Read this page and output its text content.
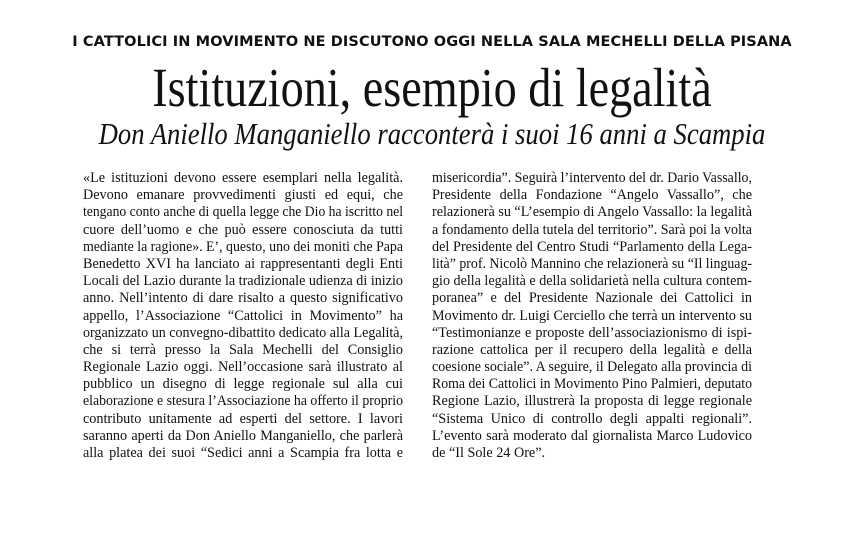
I CATTOLICI IN MOVIMENTO NE DISCUTONO OGGI NELLA SALA MECHELLI DELLA PISANA
Istituzioni, esempio di legalità
Don Aniello Manganiello racconterà i suoi 16 anni a Scampia
«Le istituzioni devono essere esemplari nella legalità.
Devono emanare provvedimenti giusti ed equi, che
tengano conto anche di quella legge che Dio ha iscritto nel
cuore dell’uomo e che può essere conosciuta da tutti
mediante la ragione». E’, questo, uno dei moniti che Papa
Benedetto XVI ha lanciato ai rappresentanti degli Enti
Locali del Lazio durante la tradizionale udienza di inizio
anno. Nell’intento di dare risalto a questo significativo
appello, l’Associazione “Cattolici in Movimento” ha
organizzato un convegno-dibattito dedicato alla Legalità,
che si terrà presso la Sala Mechelli del Consiglio
Regionale Lazio oggi. Nell’occasione sarà illustrato al
pubblico un disegno di legge regionale sul alla cui
elaborazione e stesura l’Associazione ha offerto il proprio
contributo unitamente ad esperti del settore. I lavori
saranno aperti da Don Aniello Manganiello, che parlerà
alla platea dei suoi “Sedici anni a Scampia fra lotta e
misericordia”. Seguirà l’intervento del dr. Dario Vassallo,
Presidente della Fondazione “Angelo Vassallo”, che
relazionerà su “L’esempio di Angelo Vassallo: la legalità
a fondamento della tutela del territorio”. Sarà poi la volta
del Presidente del Centro Studi “Parlamento della Lega-
lità” prof. Nicolò Mannino che relazionerà su “Il linguag-
gio della legalità e della solidarietà nella cultura contem-
poranea” e del Presidente Nazionale dei Cattolici in
Movimento dr. Luigi Cerciello che terrà un intervento su
“Testimonianze e proposte dell’associazionismo di ispi-
razione cattolica per il recupero della legalità e della
coesione sociale”. A seguire, il Delegato alla provincia di
Roma dei Cattolici in Movimento Pino Palmieri, deputato
Regione Lazio, illustrerà la proposta di legge regionale
“Sistema Unico di controllo degli appalti regionali”.
L’evento sarà moderato dal giornalista Marco Ludovico
de “Il Sole 24 Ore”.
